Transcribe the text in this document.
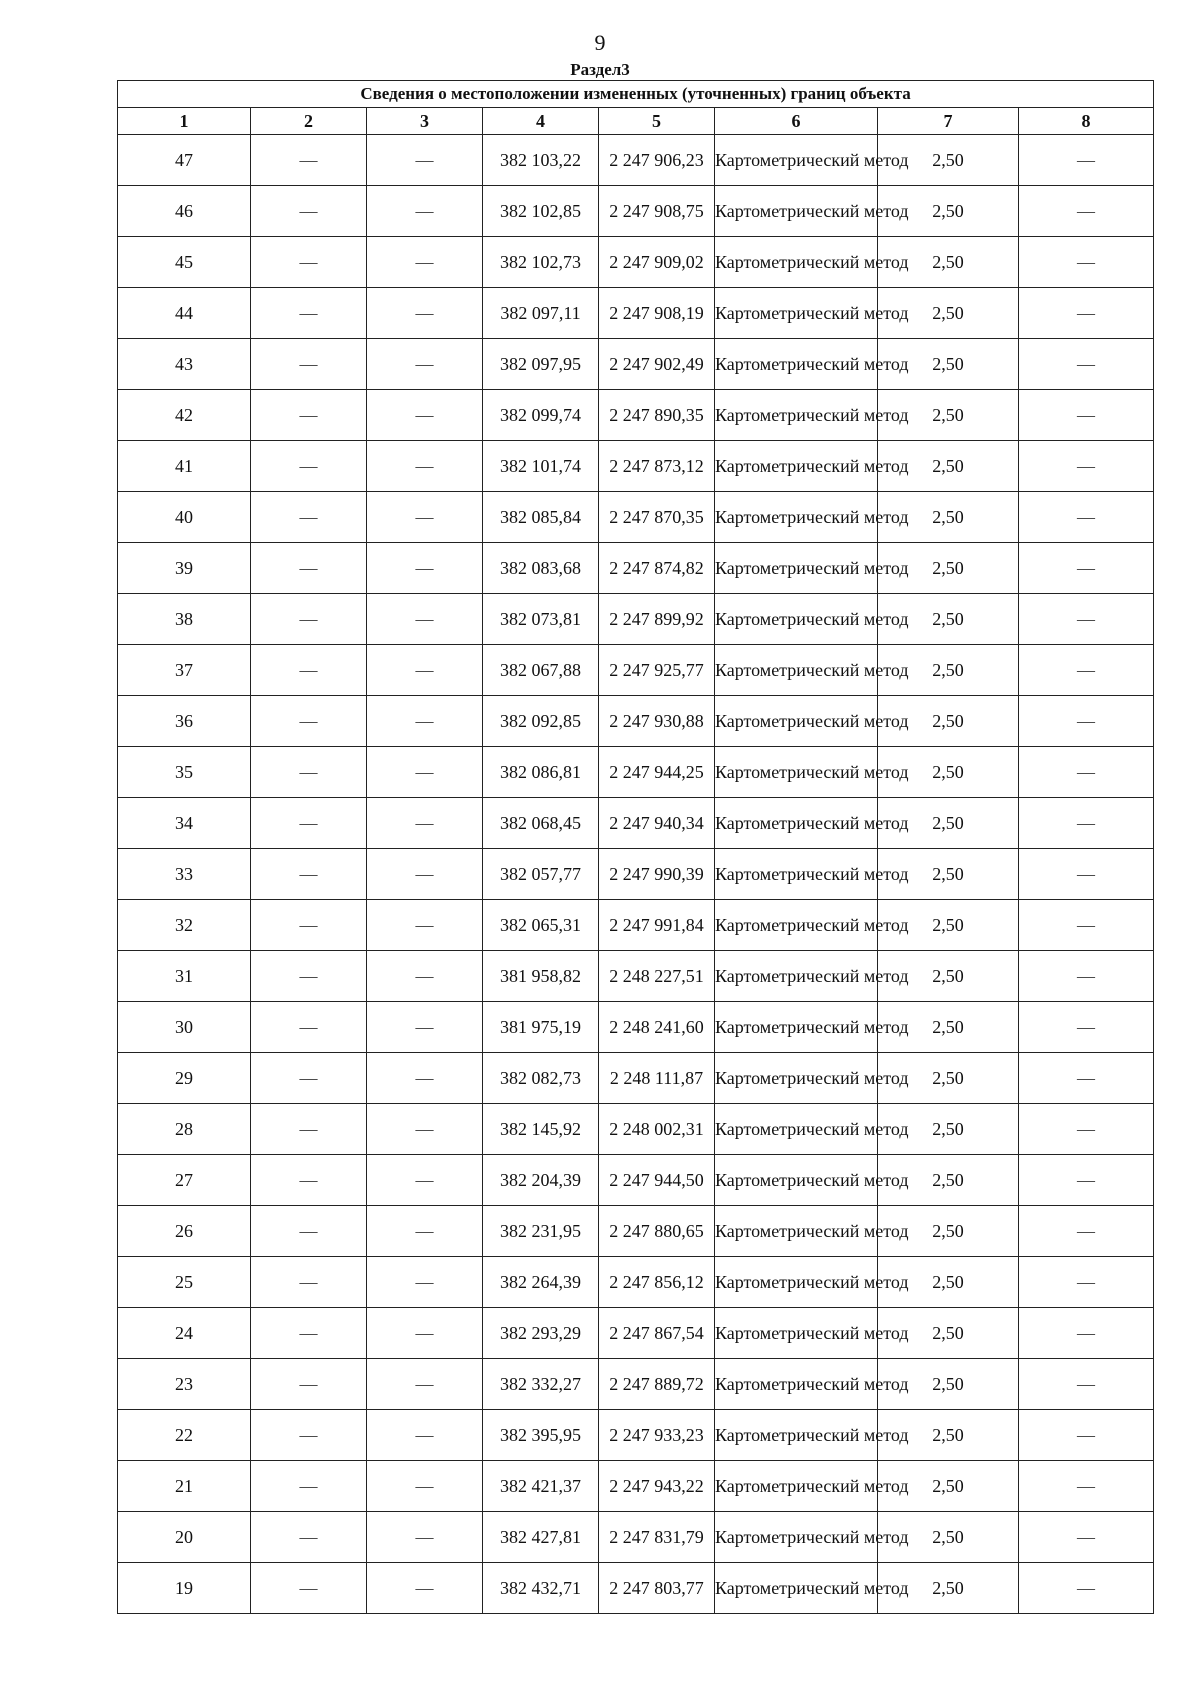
9
Раздел3
Сведения о местоположении измененных (уточненных) границ объекта							
1	2	3	4	5	6	7	8
47	—	—	382 103,22	2 247 906,23	Картометрический метод	2,50	—
46	—	—	382 102,85	2 247 908,75	Картометрический метод	2,50	—
45	—	—	382 102,73	2 247 909,02	Картометрический метод	2,50	—
44	—	—	382 097,11	2 247 908,19	Картометрический метод	2,50	—
43	—	—	382 097,95	2 247 902,49	Картометрический метод	2,50	—
42	—	—	382 099,74	2 247 890,35	Картометрический метод	2,50	—
41	—	—	382 101,74	2 247 873,12	Картометрический метод	2,50	—
40	—	—	382 085,84	2 247 870,35	Картометрический метод	2,50	—
39	—	—	382 083,68	2 247 874,82	Картометрический метод	2,50	—
38	—	—	382 073,81	2 247 899,92	Картометрический метод	2,50	—
37	—	—	382 067,88	2 247 925,77	Картометрический метод	2,50	—
36	—	—	382 092,85	2 247 930,88	Картометрический метод	2,50	—
35	—	—	382 086,81	2 247 944,25	Картометрический метод	2,50	—
34	—	—	382 068,45	2 247 940,34	Картометрический метод	2,50	—
33	—	—	382 057,77	2 247 990,39	Картометрический метод	2,50	—
32	—	—	382 065,31	2 247 991,84	Картометрический метод	2,50	—
31	—	—	381 958,82	2 248 227,51	Картометрический метод	2,50	—
30	—	—	381 975,19	2 248 241,60	Картометрический метод	2,50	—
29	—	—	382 082,73	2 248 111,87	Картометрический метод	2,50	—
28	—	—	382 145,92	2 248 002,31	Картометрический метод	2,50	—
27	—	—	382 204,39	2 247 944,50	Картометрический метод	2,50	—
26	—	—	382 231,95	2 247 880,65	Картометрический метод	2,50	—
25	—	—	382 264,39	2 247 856,12	Картометрический метод	2,50	—
24	—	—	382 293,29	2 247 867,54	Картометрический метод	2,50	—
23	—	—	382 332,27	2 247 889,72	Картометрический метод	2,50	—
22	—	—	382 395,95	2 247 933,23	Картометрический метод	2,50	—
21	—	—	382 421,37	2 247 943,22	Картометрический метод	2,50	—
20	—	—	382 427,81	2 247 831,79	Картометрический метод	2,50	—
19	—	—	382 432,71	2 247 803,77	Картометрический метод	2,50	—
